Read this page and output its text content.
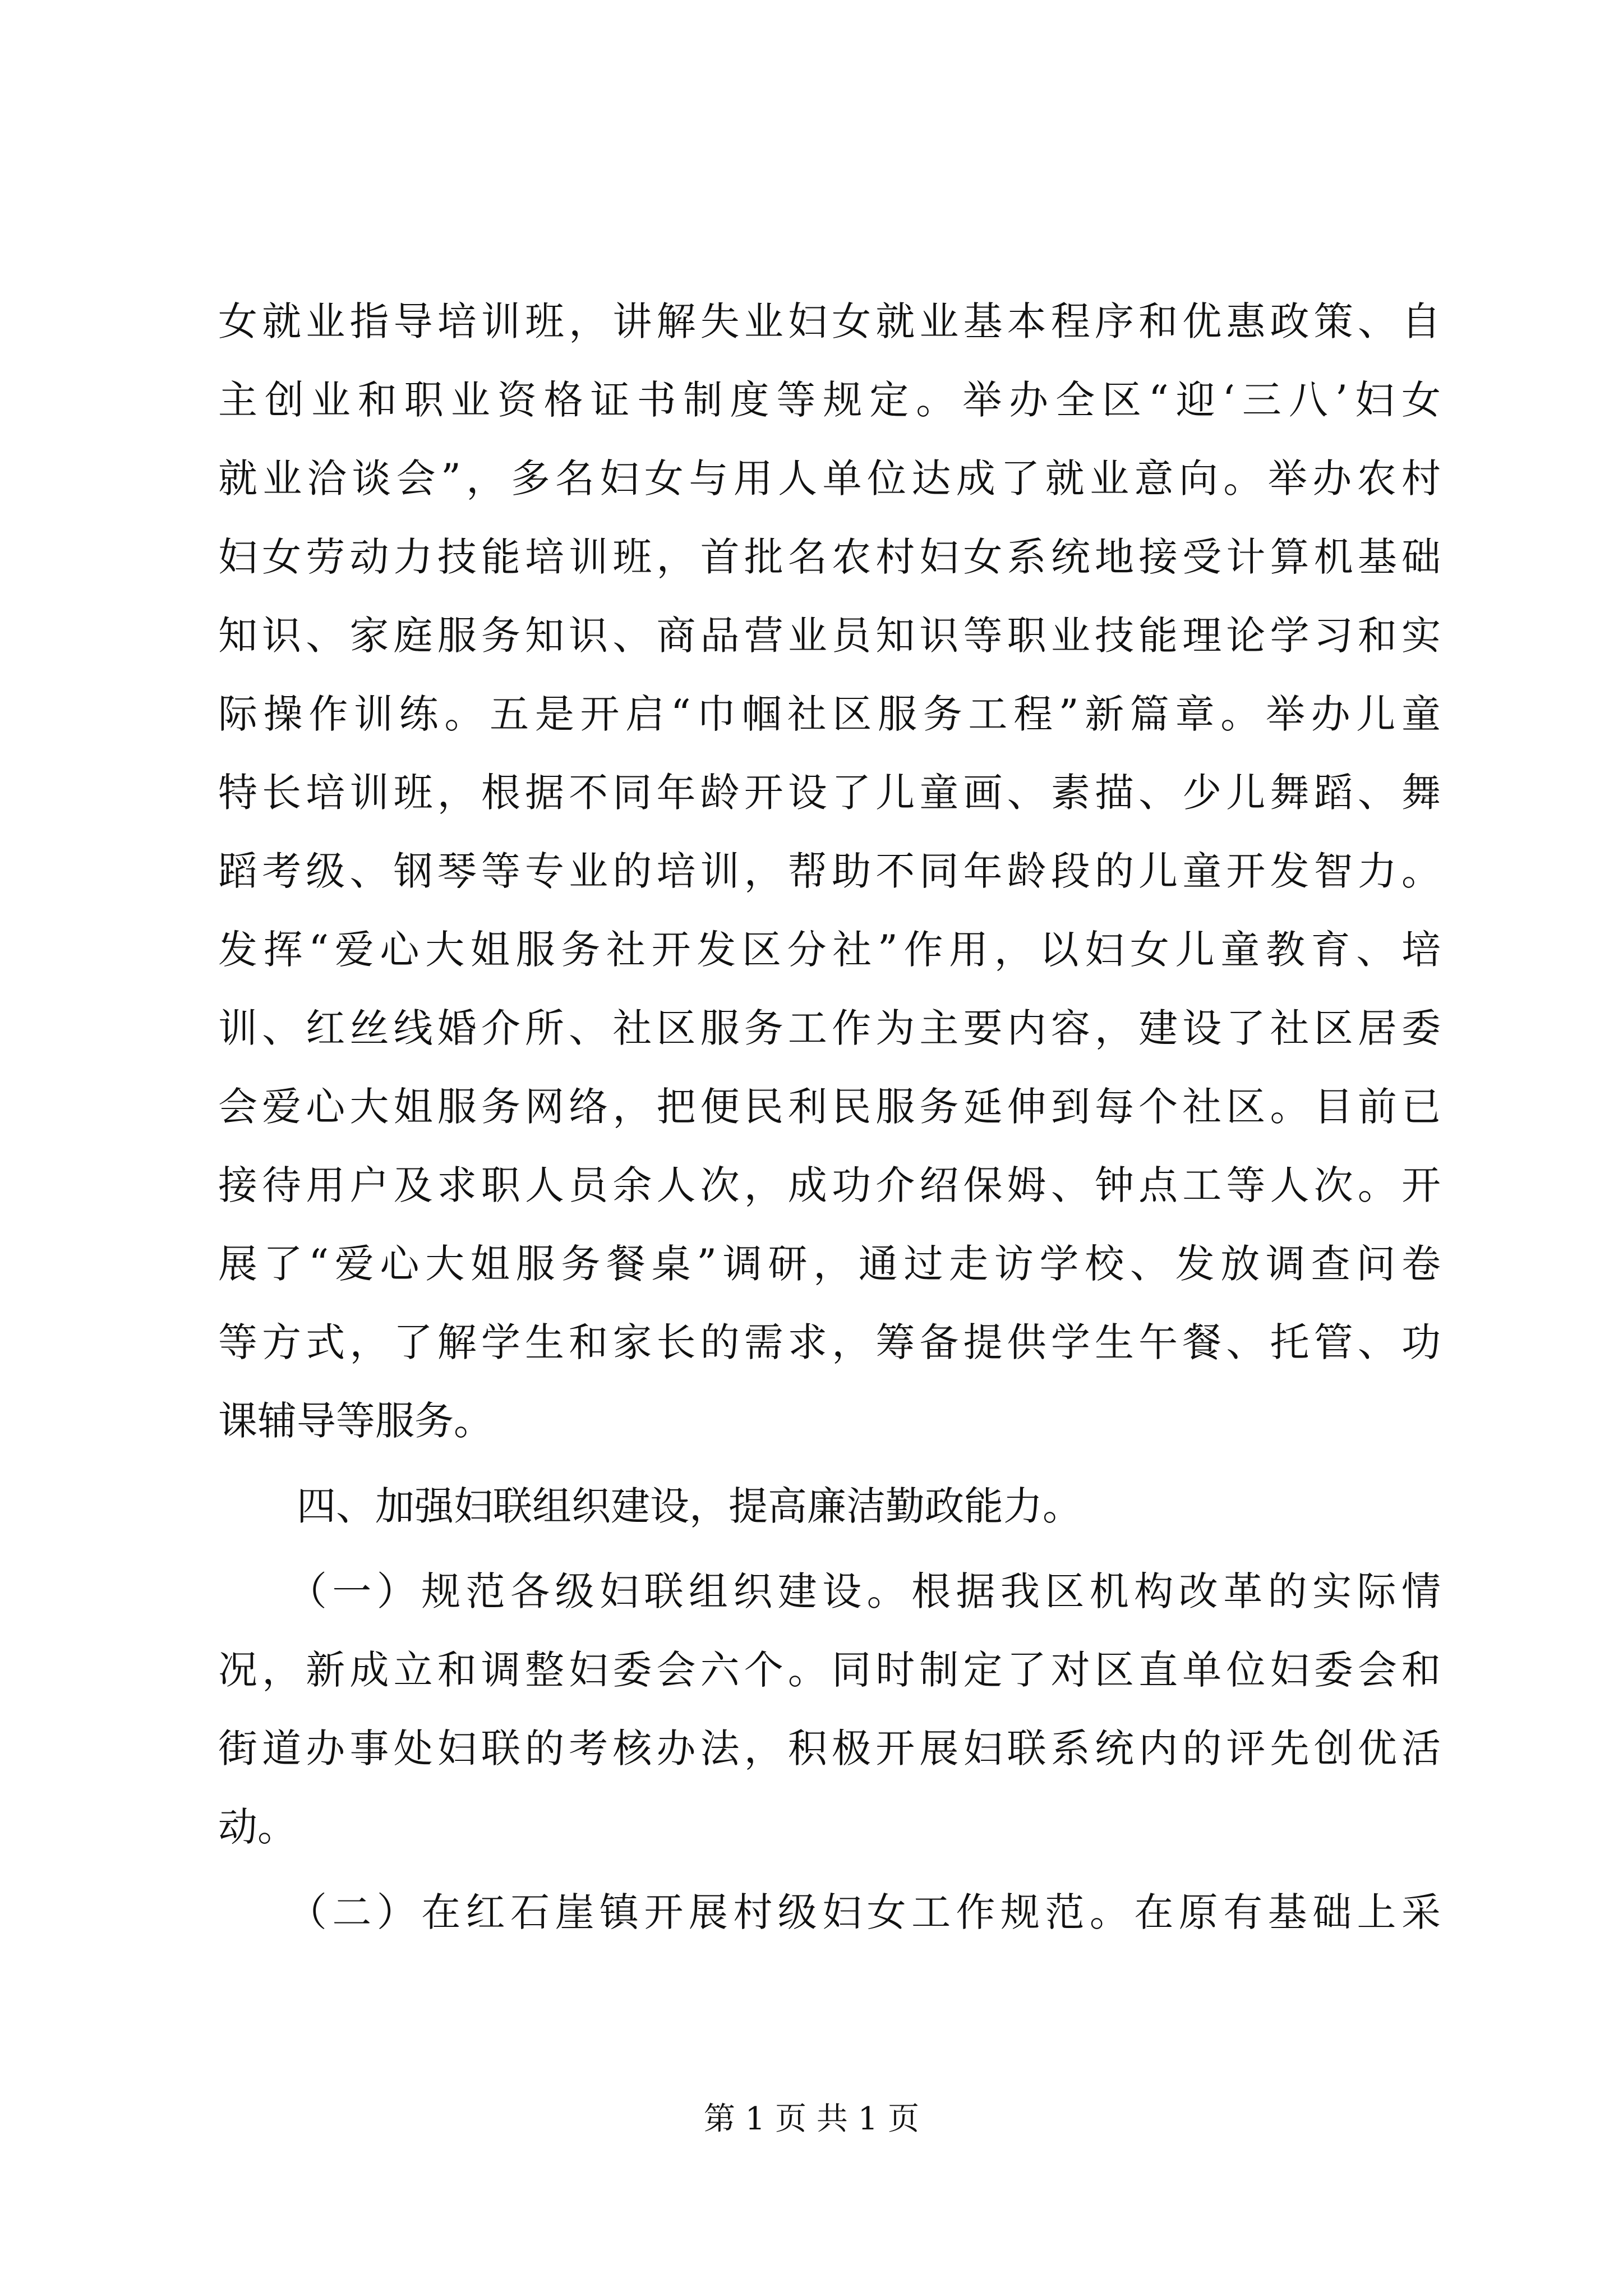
女就业指导培训班，讲解失业妇女就业基本程序和优惠政策、自
主创业和职业资格证书制度等规定。举办全区“迎‘三八’妇女
就业洽谈会”，多名妇女与用人单位达成了就业意向。举办农村
妇女劳动力技能培训班，首批名农村妇女系统地接受计算机基础
知识、家庭服务知识、商品营业员知识等职业技能理论学习和实
际操作训练。五是开启“巾帼社区服务工程”新篇章。举办儿童
特长培训班，根据不同年龄开设了儿童画、素描、少儿舞蹈、舞
蹈考级、钢琴等专业的培训，帮助不同年龄段的儿童开发智力。
发挥“爱心大姐服务社开发区分社”作用，以妇女儿童教育、培
训、红丝线婚介所、社区服务工作为主要内容，建设了社区居委
会爱心大姐服务网络，把便民利民服务延伸到每个社区。目前已
接待用户及求职人员余人次，成功介绍保姆、钟点工等人次。开
展了“爱心大姐服务餐桌”调研，通过走访学校、发放调查问卷
等方式，了解学生和家长的需求，筹备提供学生午餐、托管、功
课辅导等服务。
　　四、加强妇联组织建设，提高廉洁勤政能力。
　　（一）规范各级妇联组织建设。根据我区机构改革的实际情
况，新成立和调整妇委会六个。同时制定了对区直单位妇委会和
街道办事处妇联的考核办法，积极开展妇联系统内的评先创优活
动。
　　（二）在红石崖镇开展村级妇女工作规范。在原有基础上采
第 1 页 共 1 页
